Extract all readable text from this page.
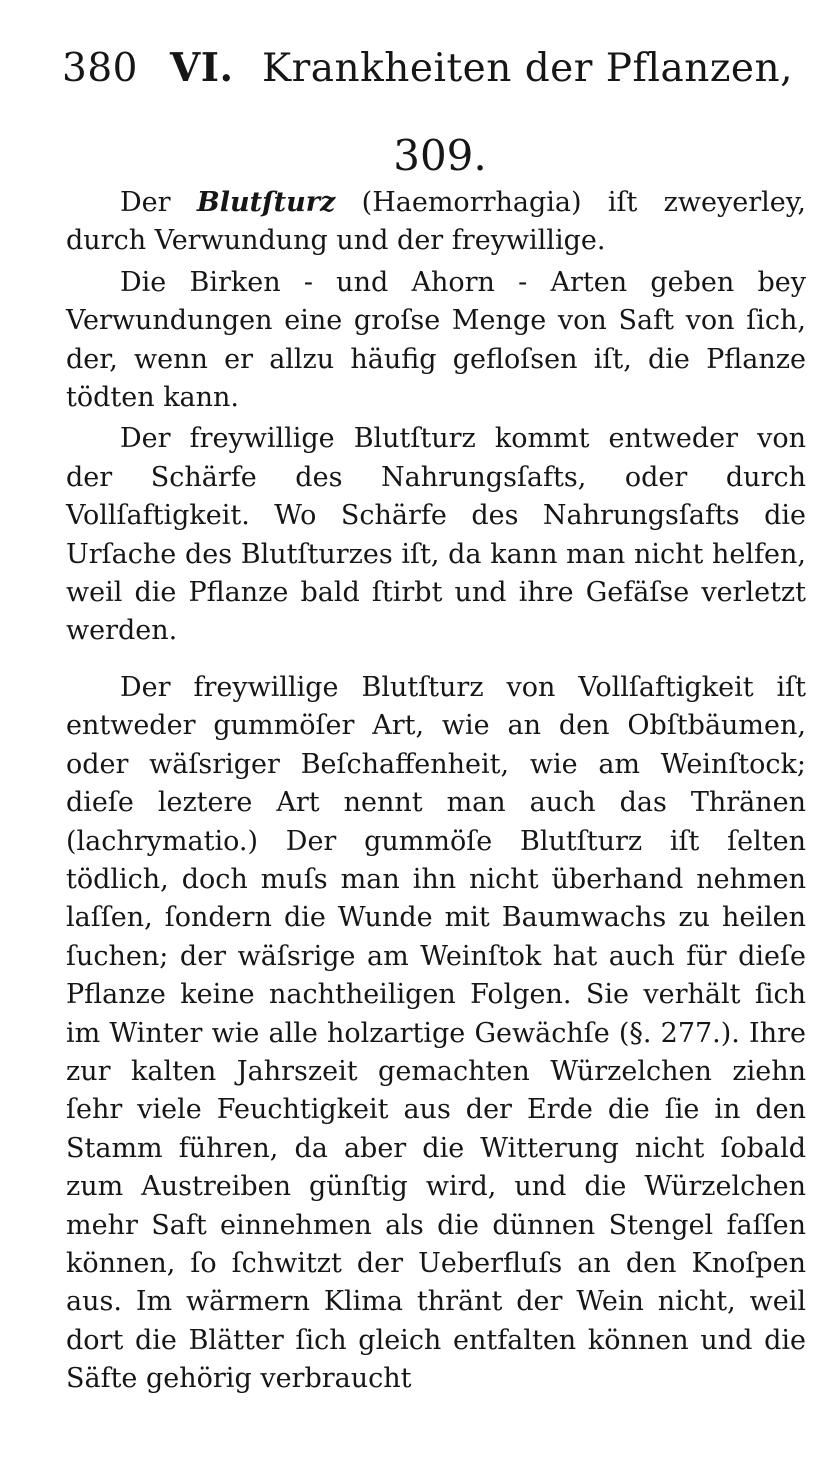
380 VI. Krankheiten der Pflanzen,
309.

Der Blutſturz (Haemorrhagia) iſt zweyerley, durch Verwundung und der freywillige.

Die Birken - und Ahorn - Arten geben bey Verwundungen eine groſse Menge von Saft von ſich, der, wenn er allzu häufig gefloſsen iſt, die Pflanze tödten kann.

Der freywillige Blutſturz kommt entweder von der Schärfe des Nahrungsſafts, oder durch Vollſaftigkeit. Wo Schärfe des Nahrungsſafts die Urſache des Blutſturzes iſt, da kann man nicht helfen, weil die Pflanze bald ſtirbt und ihre Gefäſse verletzt werden.

Der freywillige Blutſturz von Vollſaftigkeit iſt entweder gummöſer Art, wie an den Obſtbäumen, oder wäſsriger Beſchaffenheit, wie am Weinſtock; dieſe leztere Art nennt man auch das Thränen (lachrymatio.) Der gummöſe Blutſturz iſt ſelten tödlich, doch muſs man ihn nicht überhand nehmen laſſen, ſondern die Wunde mit Baumwachs zu heilen ſuchen; der wäſsrige am Weinſtok hat auch für dieſe Pflanze keine nachtheiligen Folgen. Sie verhält ſich im Winter wie alle holzartige Gewächſe (§. 277.). Ihre zur kalten Jahrszeit gemachten Würzelchen ziehn ſehr viele Feuchtigkeit aus der Erde die ſie in den Stamm führen, da aber die Witterung nicht ſobald zum Austreiben günſtig wird, und die Würzelchen mehr Saft einnehmen als die dünnen Stengel faſſen können, ſo ſchwitzt der Ueberfluſs an den Knoſpen aus. Im wärmern Klima thränt der Wein nicht, weil dort die Blätter ſich gleich entfalten können und die Säfte gehörig verbraucht
